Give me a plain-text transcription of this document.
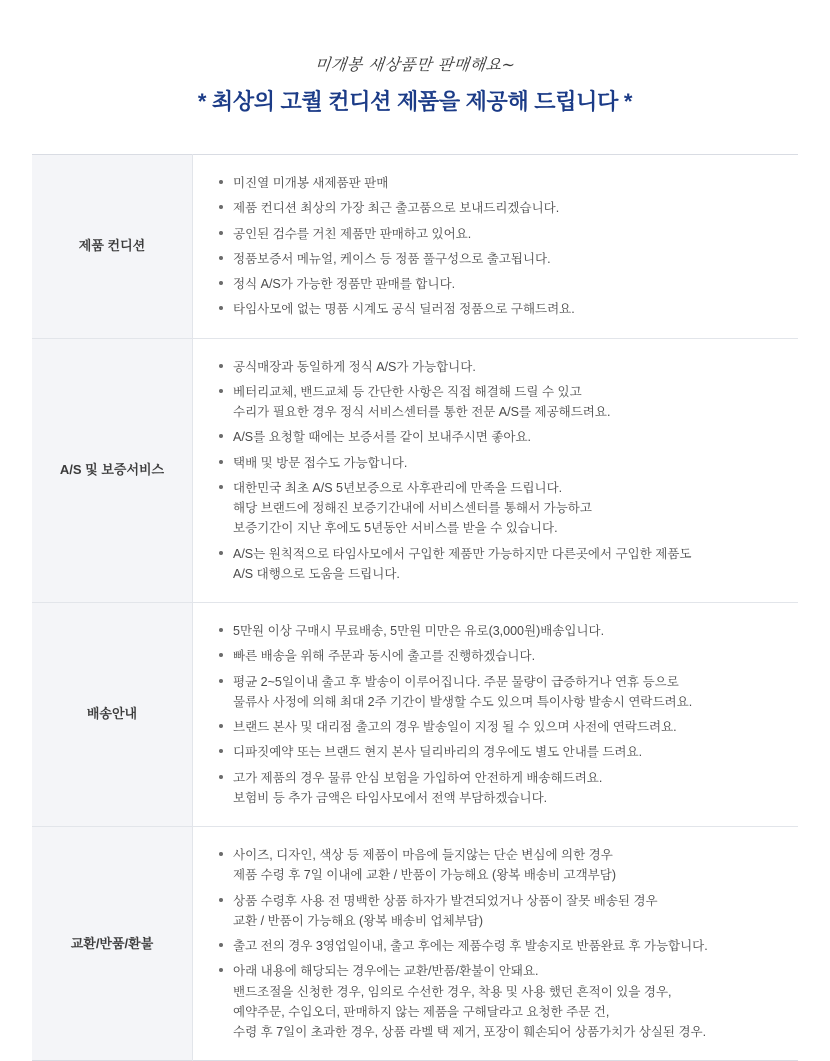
미개봉 새상품만 판매해요~
* 최상의 고퀄 컨디션 제품을 제공해 드립니다 *
제품 컨디션	
미진열 미개봉 새제품판 판매
제품 컨디션 최상의 가장 최근 출고품으로 보내드리겠습니다.
공인된 검수를 거친 제품만 판매하고 있어요.
정품보증서 메뉴얼, 케이스 등 정품 풀구성으로 출고됩니다.
정식 A/S가 가능한 정품만 판매를 합니다.
타임사모에 없는 명품 시계도 공식 딜러점 정품으로 구해드려요.

A/S 및 보증서비스	
공식매장과 동일하게 정식 A/S가 가능합니다.
베터리교체, 밴드교체 등 간단한 사항은 직접 해결해 드릴 수 있고
수리가 필요한 경우 정식 서비스센터를 통한 전문 A/S를 제공해드려요.
A/S를 요청할 때에는 보증서를 같이 보내주시면 좋아요.
택배 및 방문 접수도 가능합니다.
대한민국 최초 A/S 5년보증으로 사후관리에 만족을 드립니다.
해당 브랜드에 정해진 보증기간내에 서비스센터를 통해서 가능하고
보증기간이 지난 후에도 5년동안 서비스를 받을 수 있습니다.
A/S는 원칙적으로 타임사모에서 구입한 제품만 가능하지만 다른곳에서 구입한 제품도
A/S 대행으로 도움을 드립니다.

배송안내	
5만원 이상 구매시 무료배송, 5만원 미만은 유로(3,000원)배송입니다.
빠른 배송을 위해 주문과 동시에 출고를 진행하겠습니다.
평균 2~5일이내 출고 후 발송이 이루어집니다. 주문 물량이 급증하거나 연휴 등으로
물류사 사정에 의해 최대 2주 기간이 발생할 수도 있으며 특이사항 발송시 연락드려요.
브랜드 본사 및 대리점 출고의 경우 발송일이 지정 될 수 있으며 사전에 연락드려요.
디파짓예약 또는 브랜드 현지 본사 딜리바리의 경우에도 별도 안내를 드려요.
고가 제품의 경우 물류 안심 보험을 가입하여 안전하게 배송해드려요.
보험비 등 추가 금액은 타임사모에서 전액 부담하겠습니다.

교환/반품/환불	
사이즈, 디자인, 색상 등 제품이 마음에 들지않는 단순 변심에 의한 경우
제품 수령 후 7일 이내에 교환 / 반품이 가능해요 (왕복 배송비 고객부담)
상품 수령후 사용 전 명백한 상품 하자가 발견되었거나 상품이 잘못 배송된 경우
교환 / 반품이 가능해요 (왕복 배송비 업체부담)
출고 전의 경우 3영업일이내, 출고 후에는 제품수령 후 발송지로 반품완료 후 가능합니다.
아래 내용에 해당되는 경우에는 교환/반품/환불이 안돼요.
밴드조절을 신청한 경우, 임의로 수선한 경우, 착용 및 사용 했던 흔적이 있을 경우,
예약주문, 수입오더, 판매하지 않는 제품을 구해달라고 요청한 주문 건,
수령 후 7일이 초과한 경우, 상품 라벨 택 제거, 포장이 훼손되어 상품가치가 상실된 경우.
